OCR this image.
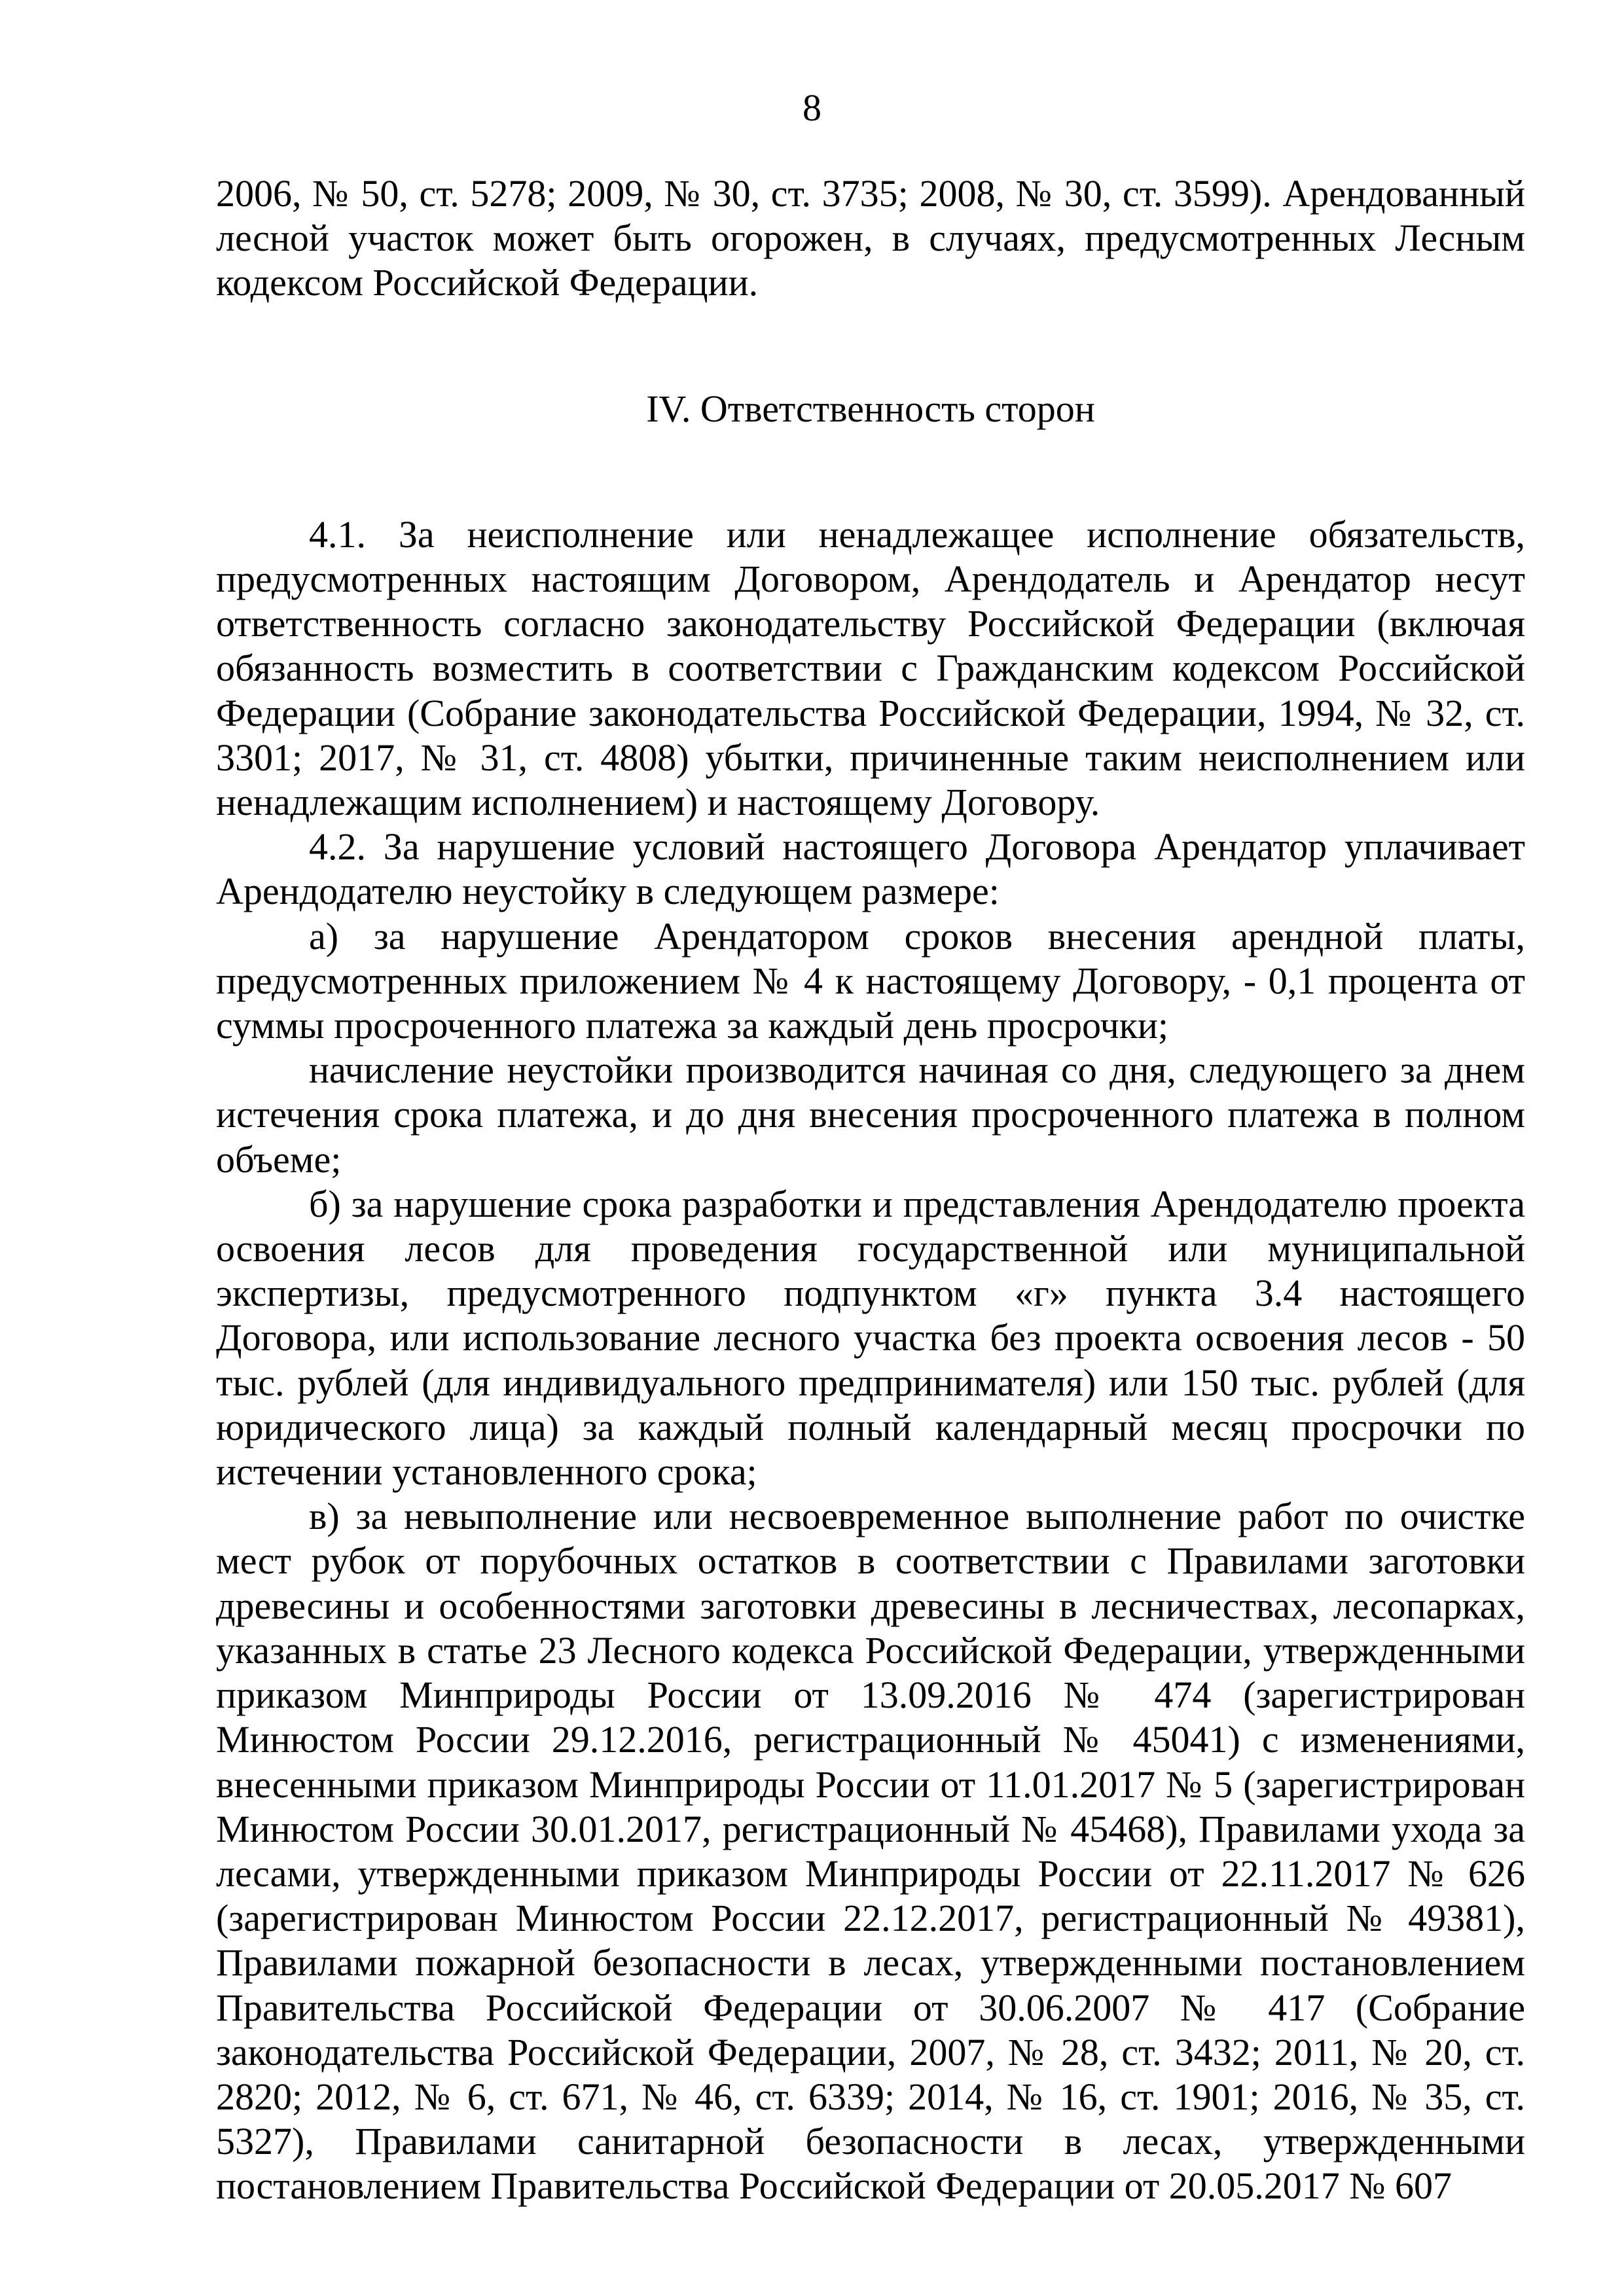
8

2006, № 50, ст. 5278; 2009, № 30, ст. 3735; 2008, № 30, ст. 3599). Арендованный лесной участок может быть огорожен, в случаях, предусмотренных Лесным кодексом Российской Федерации.

IV. Ответственность сторон

4.1. За неисполнение или ненадлежащее исполнение обязательств, предусмотренных настоящим Договором, Арендодатель и Арендатор несут ответственность согласно законодательству Российской Федерации (включая обязанность возместить в соответствии с Гражданским кодексом Российской Федерации (Собрание законодательства Российской Федерации, 1994, № 32, ст. 3301; 2017, № 31, ст. 4808) убытки, причиненные таким неисполнением или ненадлежащим исполнением) и настоящему Договору.

4.2. За нарушение условий настоящего Договора Арендатор уплачивает Арендодателю неустойку в следующем размере:

а) за нарушение Арендатором сроков внесения арендной платы, предусмотренных приложением № 4 к настоящему Договору, - 0,1 процента от суммы просроченного платежа за каждый день просрочки;

начисление неустойки производится начиная со дня, следующего за днем истечения срока платежа, и до дня внесения просроченного платежа в полном объеме;

б) за нарушение срока разработки и представления Арендодателю проекта освоения лесов для проведения государственной или муниципальной экспертизы, предусмотренного подпунктом «г» пункта 3.4 настоящего Договора, или использование лесного участка без проекта освоения лесов - 50 тыс. рублей (для индивидуального предпринимателя) или 150 тыс. рублей (для юридического лица) за каждый полный календарный месяц просрочки по истечении установленного срока;

в) за невыполнение или несвоевременное выполнение работ по очистке мест рубок от порубочных остатков в соответствии с Правилами заготовки древесины и особенностями заготовки древесины в лесничествах, лесопарках, указанных в статье 23 Лесного кодекса Российской Федерации, утвержденными приказом Минприроды России от 13.09.2016 № 474 (зарегистрирован Минюстом России 29.12.2016, регистрационный № 45041) с изменениями, внесенными приказом Минприроды России от 11.01.2017 № 5 (зарегистрирован Минюстом России 30.01.2017, регистрационный № 45468), Правилами ухода за лесами, утвержденными приказом Минприроды России от 22.11.2017 № 626 (зарегистрирован Минюстом России 22.12.2017, регистрационный № 49381), Правилами пожарной безопасности в лесах, утвержденными постановлением Правительства Российской Федерации от 30.06.2007 № 417 (Собрание законодательства Российской Федерации, 2007, № 28, ст. 3432; 2011, № 20, ст. 2820; 2012, № 6, ст. 671, № 46, ст. 6339; 2014, № 16, ст. 1901; 2016, № 35, ст. 5327), Правилами санитарной безопасности в лесах, утвержденными постановлением Правительства Российской Федерации от 20.05.2017 № 607
